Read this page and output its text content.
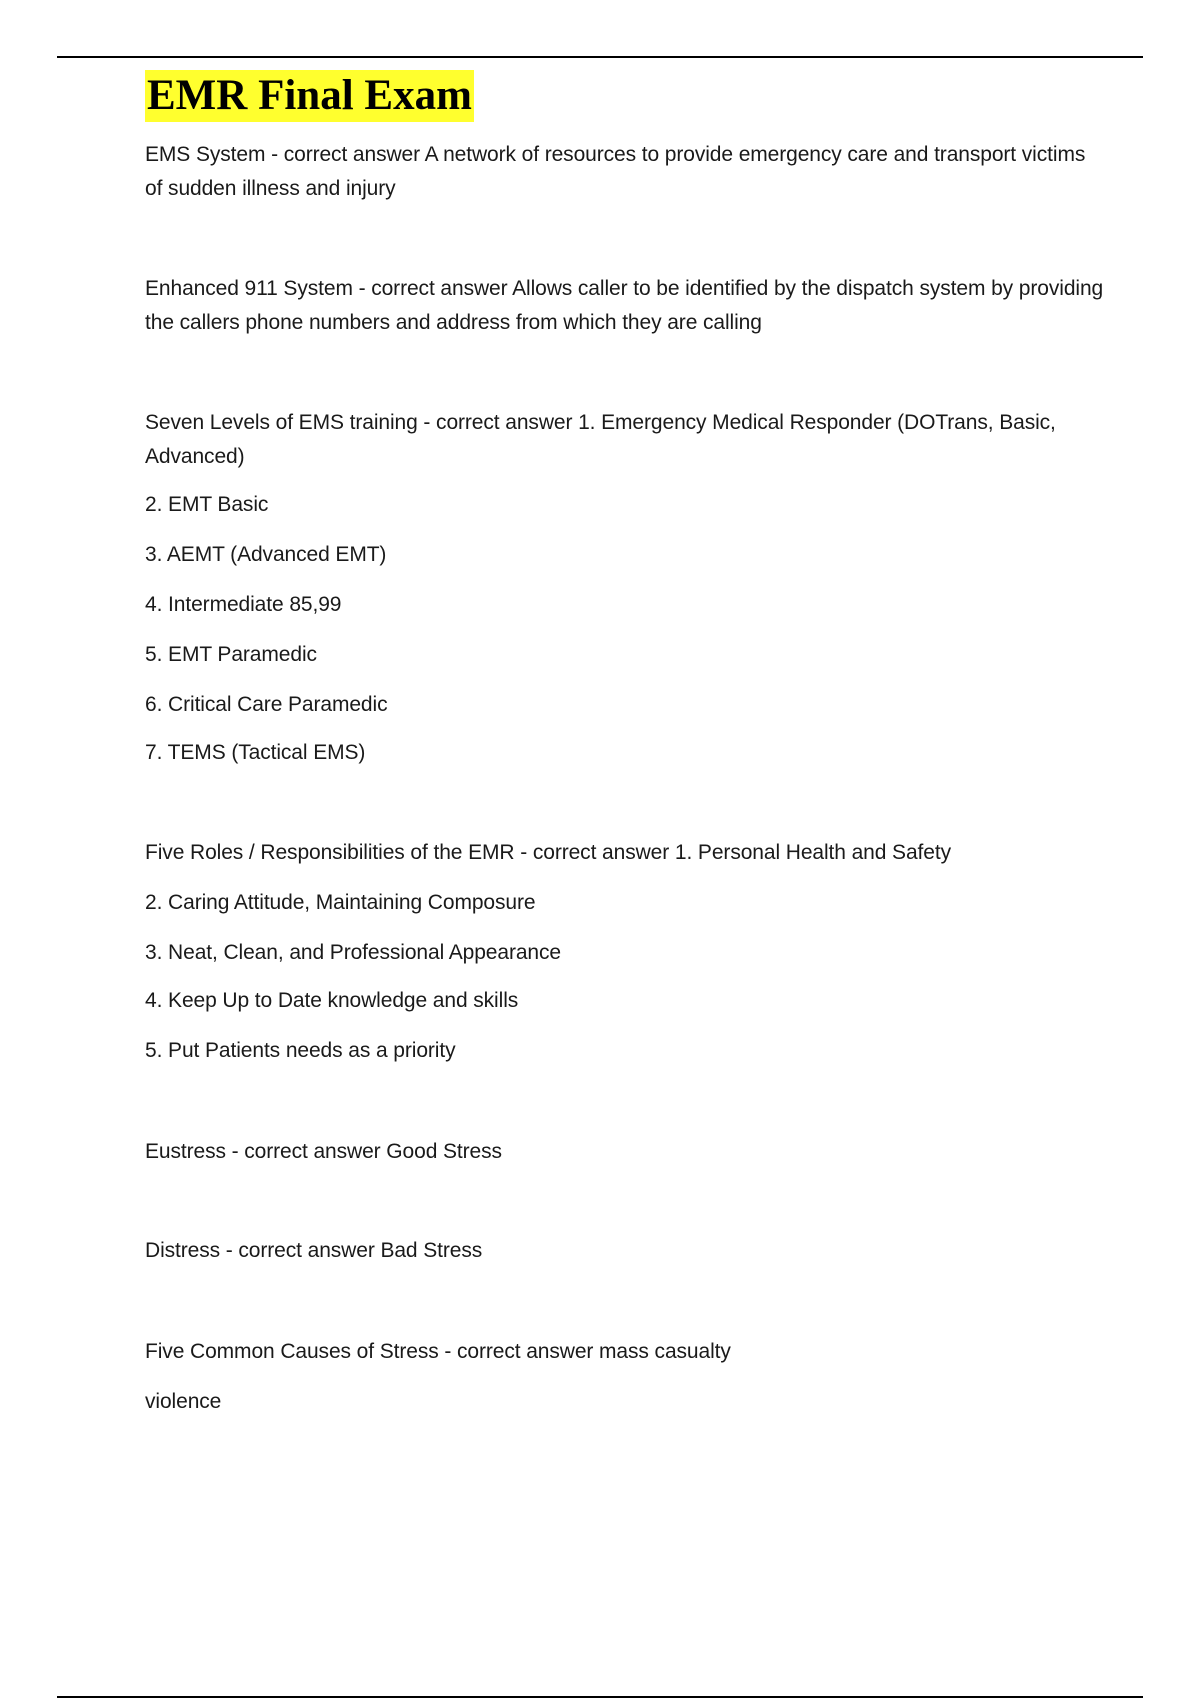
EMR Final Exam

EMS System - correct answer A network of resources to provide emergency care and transport victims of sudden illness and injury

Enhanced 911 System - correct answer Allows caller to be identified by the dispatch system by providing the callers phone numbers and address from which they are calling

Seven Levels of EMS training - correct answer 1. Emergency Medical Responder (DOTrans, Basic, Advanced)

2. EMT Basic

3. AEMT (Advanced EMT)

4. Intermediate 85,99

5. EMT Paramedic

6. Critical Care Paramedic

7. TEMS (Tactical EMS)

Five Roles / Responsibilities of the EMR - correct answer 1. Personal Health and Safety

2. Caring Attitude, Maintaining Composure

3. Neat, Clean, and Professional Appearance

4. Keep Up to Date knowledge and skills

5. Put Patients needs as a priority

Eustress - correct answer Good Stress

Distress - correct answer Bad Stress

Five Common Causes of Stress - correct answer mass casualty

violence
